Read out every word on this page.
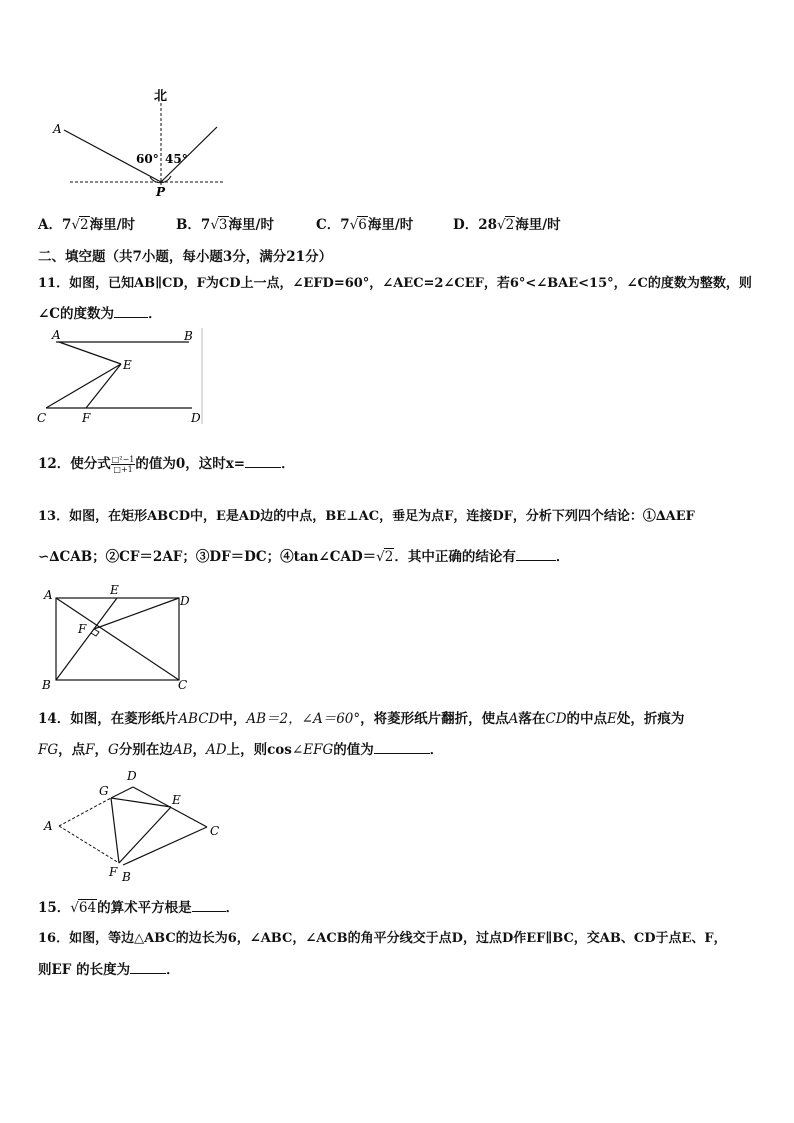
北
A
P
60° 45°
A．7√2海里/时	B．7√3海里/时	C．7√6海里/时	D．28√2海里/时
二、填空题（共7小题，每小题3分，满分21分）
11．如图，已知AB∥CD，F为CD上一点，∠EFD=60°，∠AEC=2∠CEF，若6°<∠BAE<15°，∠C的度数为整数，则
∠C的度数为	．
A	B
E
C	F	D
12．使分式 $\frac{\text{□²−1}}{□+1}$ 的值为0，这时x=	．
13．如图，在矩形ABCD中，E是AD边的中点，BE⊥AC，垂足为点F，连接DF，分析下列四个结论：①∆AEF
∽∆CAB；②CF＝2AF；③DF＝DC；④tan∠CAD＝√2．其中正确的结论有	．
A	E
D
F
B	C
14．如图，在菱形纸片ABCD中，AB＝2，∠A＝60°，将菱形纸片翻折，使点A落在CD的中点E处，折痕为
FG，点F，G分别在边AB，AD上，则cos∠EFG的值为	．
D
G
E
A	C
F B
15．√64的算术平方根是	．
16．如图，等边△ABC的边长为6，∠ABC，∠ACB的角平分线交于点D，过点D作EF∥BC，交AB、CD于点E、F，
则EF 的长度为	．
